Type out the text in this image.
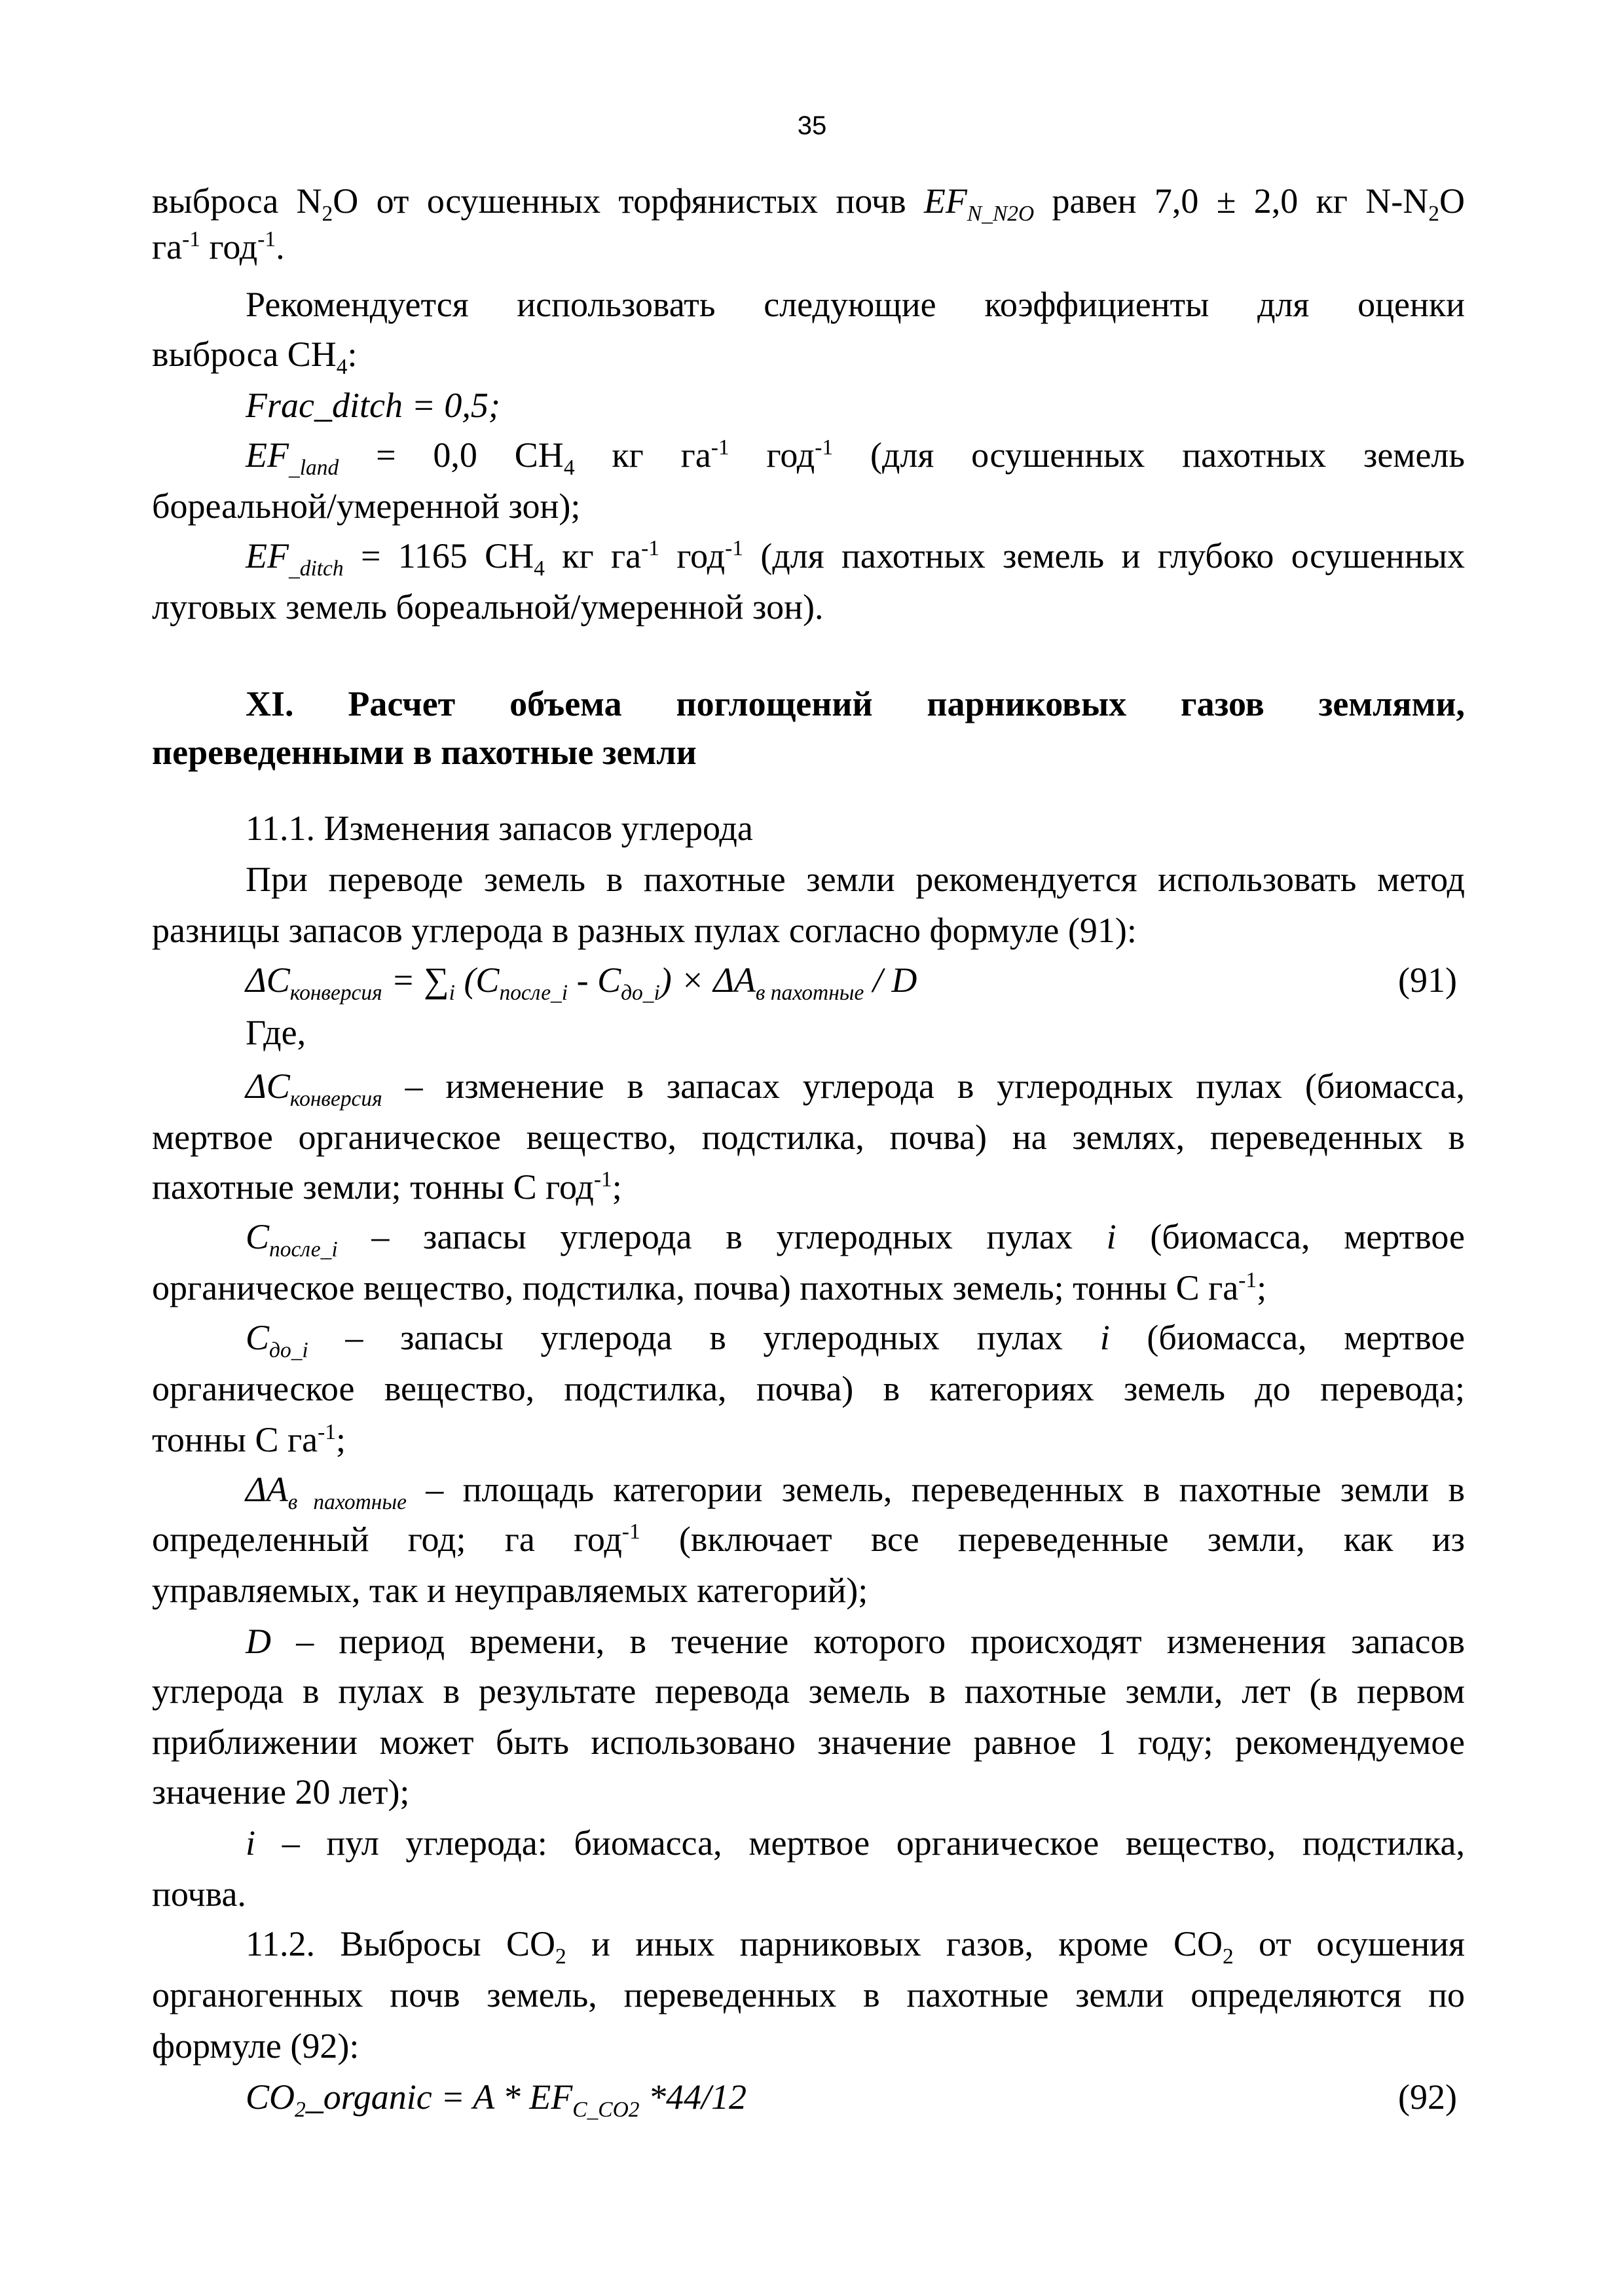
35
выброса $N_2O$ от осушенных торфянистых почв $EF_{N\_N2O}$ равен 7,0 ± 2,0 кг $N-N_2O$
$га^{-1}$ год$^{-1}$.
Рекомендуется использовать следующие коэффициенты для оценки
выброса $CH_4$:
Frac_ditch = 0,5;
$EF_{\_land} = 0,0$ $CH_4$ кг $га^{-1}$ год$^{-1}$ (для осушенных пахотных земель
бореальной/умеренной зон);
$EF_{\_ditch} = 1165$ $CH_4$ кг $га^{-1}$ год$^{-1}$ (для пахотных земель и глубоко осушенных
луговых земель бореальной/умеренной зон).
XI. Расчет объема поглощений парниковых газов землями,
переведенными в пахотные земли
11.1. Изменения запасов углерода
При переводе земель в пахотные земли рекомендуется использовать метод
разницы запасов углерода в разных пулах согласно формуле (91):
$\Delta C_{конверсия} = \sum_i$ $(C_{после\_i} - C_{до\_i}) \times \Delta A_{в пахотные} / D$	(91)
Где,
$\Delta C_{конверсия}$ – изменение в запасах углерода в углеродных пулах (биомасса,
мертвое органическое вещество, подстилка, почва) на землях, переведенных в
пахотные земли; тонны С год$^{-1}$;
$C_{после\_i}$ – запасы углерода в углеродных пулах i (биомасса, мертвое
органическое вещество, подстилка, почва) пахотных земель; тонны С $га^{-1}$;
$C_{до\_i}$ – запасы углерода в углеродных пулах i (биомасса, мертвое
органическое вещество, подстилка, почва) в категориях земель до перевода;
тонны С $га^{-1}$;
$\Delta A_{в пахотные}$ – площадь категории земель, переведенных в пахотные земли в
определенный год; га год$^{-1}$ (включает все переведенные земли, как из
управляемых, так и неуправляемых категорий);
D – период времени, в течение которого происходят изменения запасов
углерода в пулах в результате перевода земель в пахотные земли, лет (в первом
приближении может быть использовано значение равное 1 году; рекомендуемое
значение 20 лет);
i – пул углерода: биомасса, мертвое органическое вещество, подстилка,
почва.
11.2. Выбросы $CO_2$ и иных парниковых газов, кроме $CO_2$ от осушения
органогенных почв земель, переведенных в пахотные земли определяются по
формуле (92):
$CO_2\_organic = A * EF_{C\_CO2}$ *44/12	(92)
